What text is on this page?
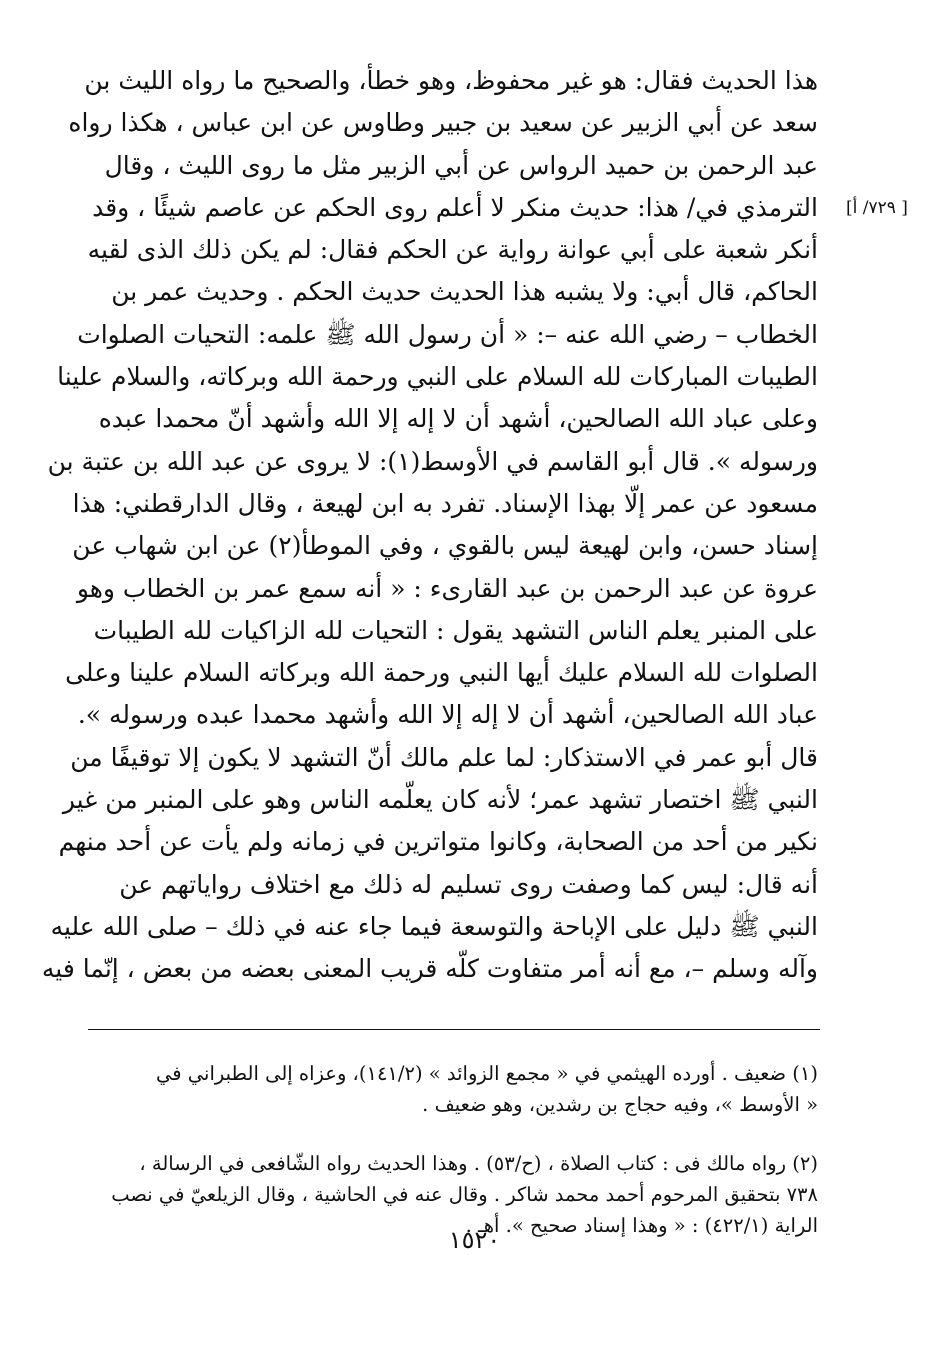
[٧٢٩/ أ ]
هذا الحديث فقال: هو غير محفوظ، وهو خطأ، والصحيح ما رواه الليث بن
سعد عن أبي الزبير عن سعيد بن جبير وطاوس عن ابن عباس ، هكذا رواه
عبد الرحمن بن حميد الرواس عن أبي الزبير مثل ما روى الليث ، وقال
الترمذي في/ هذا: حديث منكر لا أعلم روى الحكم عن عاصم شيئًا ، وقد
أنكر شعبة على أبي عوانة رواية عن الحكم فقال: لم يكن ذلك الذى لقيه
الحاكم، قال أبي: ولا يشبه هذا الحديث حديث الحكم . وحديث عمر بن
الخطاب – رضي الله عنه –: « أن رسول الله ﷺ علمه: التحيات الصلوات
الطيبات المباركات لله السلام على النبي ورحمة الله وبركاته، والسلام علينا
وعلى عباد الله الصالحين، أشهد أن لا إله إلا الله وأشهد أنّ محمدا عبده
ورسوله ». قال أبو القاسم في الأوسط(١): لا يروى عن عبد الله بن عتبة بن
مسعود عن عمر إلّا بهذا الإسناد. تفرد به ابن لهيعة ، وقال الدارقطني: هذا
إسناد حسن، وابن لهيعة ليس بالقوي ، وفي الموطأ(٢) عن ابن شهاب عن
عروة عن عبد الرحمن بن عبد القارىء : « أنه سمع عمر بن الخطاب وهو
على المنبر يعلم الناس التشهد يقول : التحيات لله الزاكيات لله الطيبات
الصلوات لله السلام عليك أيها النبي ورحمة الله وبركاته السلام علينا وعلى
عباد الله الصالحين، أشهد أن لا إله إلا الله وأشهد محمدا عبده ورسوله ».
قال أبو عمر في الاستذكار: لما علم مالك أنّ التشهد لا يكون إلا توقيفًا من
النبي ﷺ اختصار تشهد عمر؛ لأنه كان يعلّمه الناس وهو على المنبر من غير
نكير من أحد من الصحابة، وكانوا متواترين في زمانه ولم يأت عن أحد منهم
أنه قال: ليس كما وصفت روى تسليم له ذلك مع اختلاف رواياتهم عن
النبي ﷺ دليل على الإباحة والتوسعة فيما جاء عنه في ذلك – صلى الله عليه
وآله وسلم –، مع أنه أمر متفاوت كلّه قريب المعنى بعضه من بعض ، إنّما فيه
(١) ضعيف . أورده الهيثمي في « مجمع الزوائد » (١٤١/٢)، وعزاه إلى الطبراني في
« الأوسط »، وفيه حجاج بن رشدين، وهو ضعيف .
(٢) رواه مالك فى : كتاب الصلاة ، (ح/٥٣) . وهذا الحديث رواه الشّافعى في الرسالة ،
٧٣٨ بتحقيق المرحوم أحمد محمد شاكر . وقال عنه في الحاشية ، وقال الزيلعيّ في نصب
الراية (٤٢٢/١) : « وهذا إسناد صحيح ». أهـ .
١٥٢٠
